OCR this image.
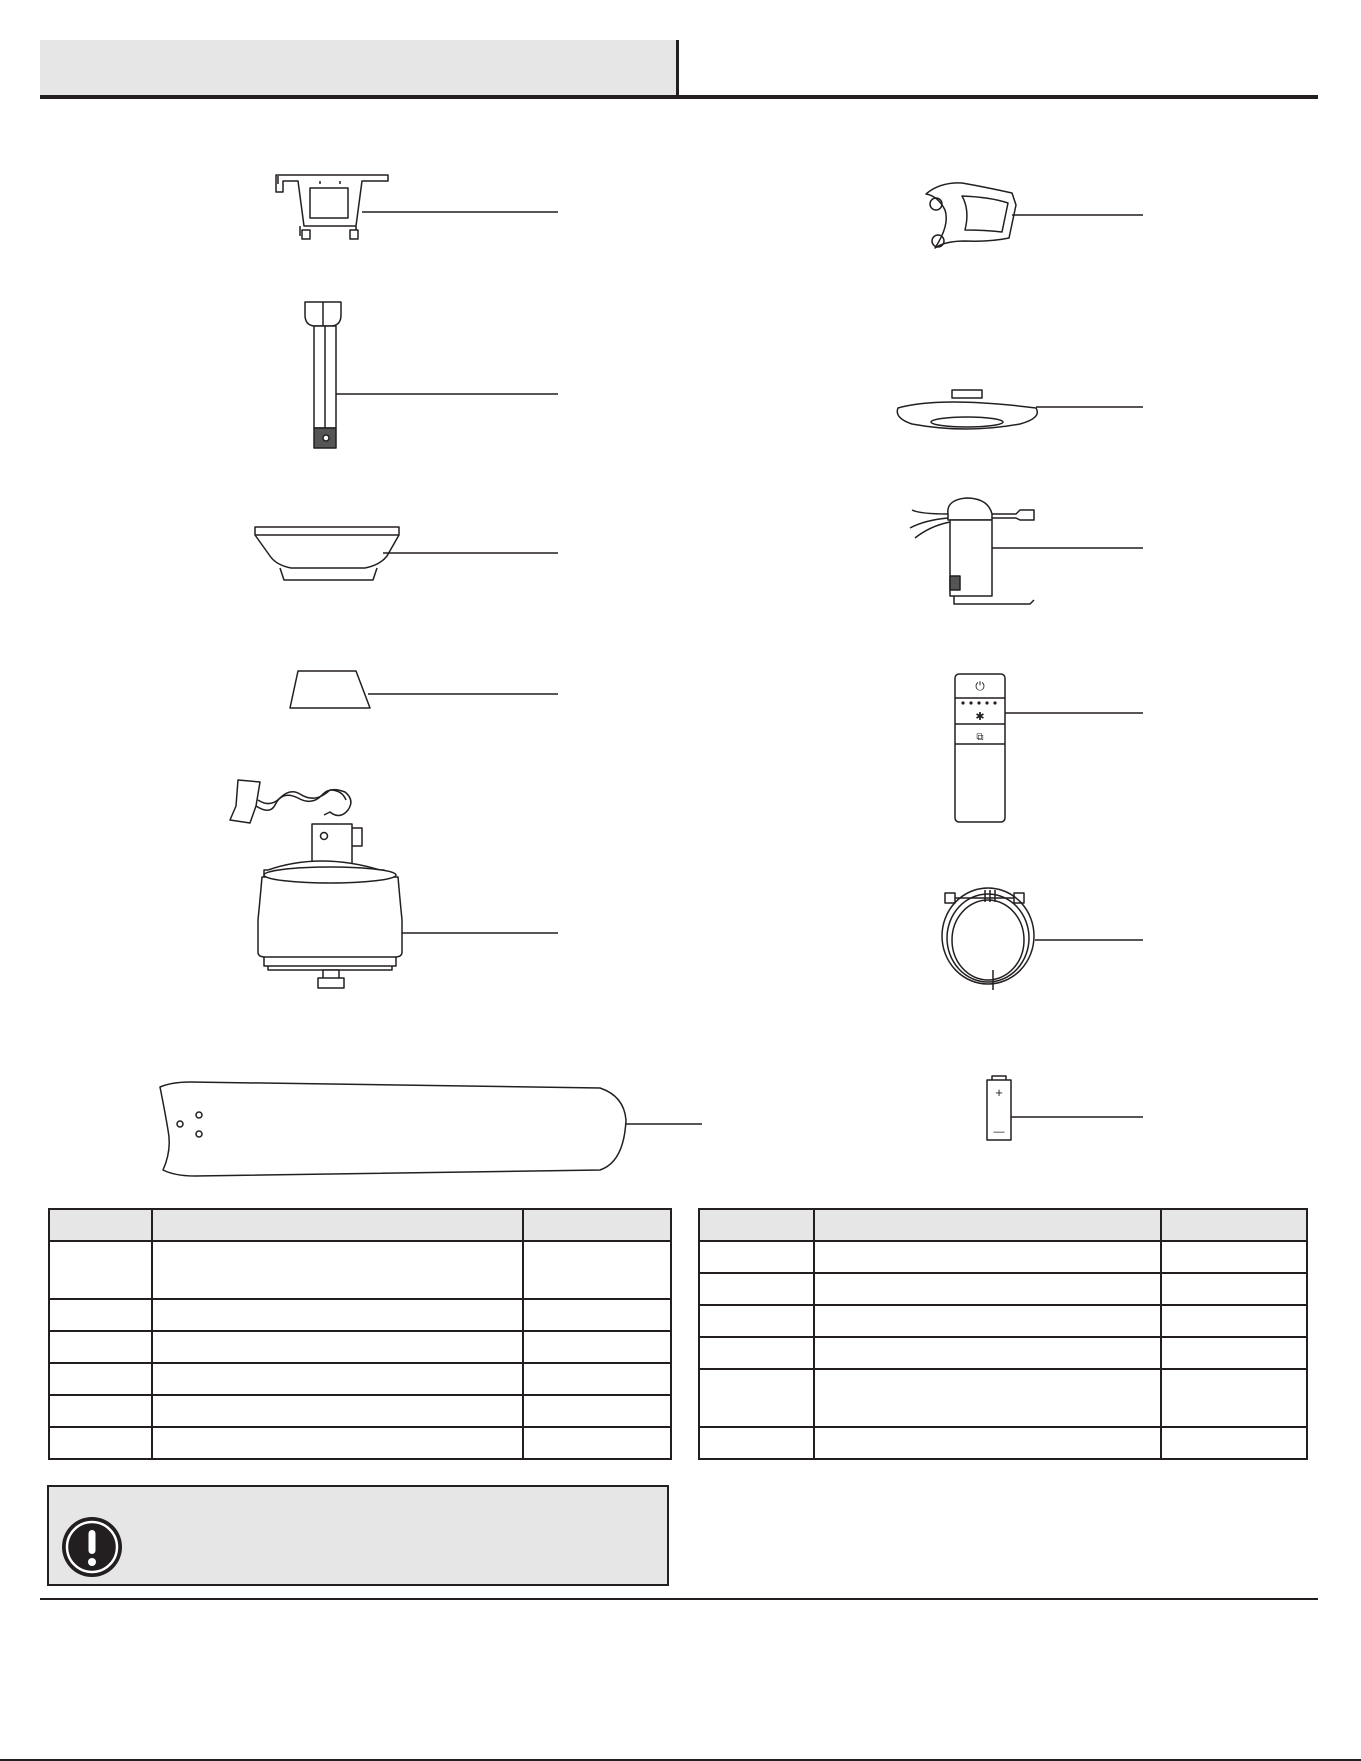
⏻
✱
⧉
+
—
